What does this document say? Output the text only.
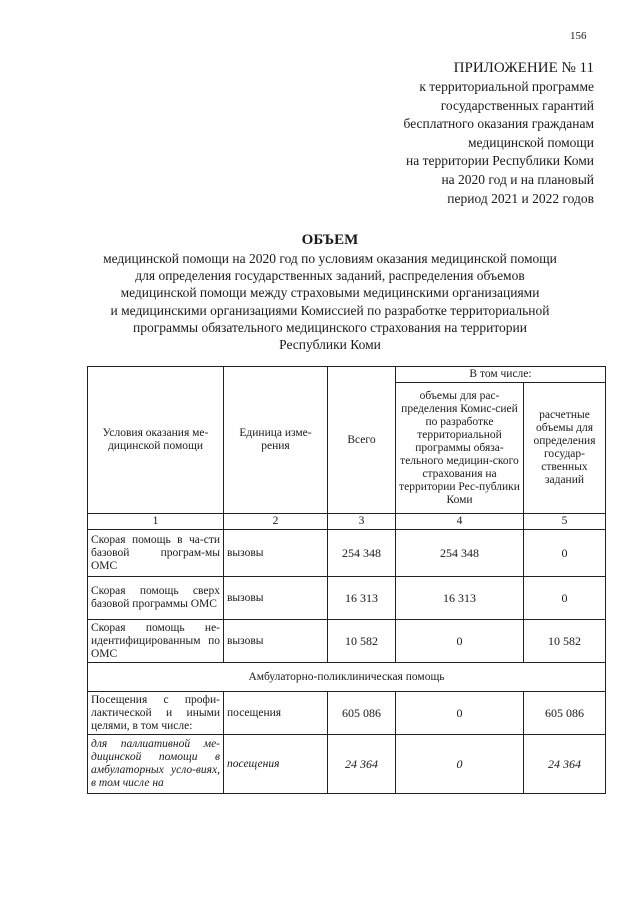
156
ПРИЛОЖЕНИЕ № 11
к территориальной программе
государственных гарантий
бесплатного оказания гражданам
медицинской помощи
на территории Республики Коми
на 2020 год и на плановый
период 2021 и 2022 годов
ОБЪЕМ
медицинской помощи на 2020 год по условиям оказания медицинской помощи
для определения государственных заданий, распределения объемов
медицинской помощи между страховыми медицинскими организациями
и медицинскими организациями Комиссией по разработке территориальной
программы обязательного медицинского страхования на территории
Республики Коми
Условия оказания ме-дицинской помощи	Единица изме-рения	Всего	В том числе:	
			объемы для рас-пределения Комис-сией по разработке территориальной программы обяза-тельного медицин-ского страхования на территории Рес-публики Коми	расчетные объемы для определения государ-ственных заданий
1	2	3	4	5
Скорая помощь в ча-сти базовой програм-мы ОМС	вызовы	254 348	254 348	0
Скорая помощь сверх базовой программы ОМС	вызовы	16 313	16 313	0
Скорая помощь не-идентифицированным по ОМС	вызовы	10 582	0	10 582
Амбулаторно-поликлиническая помощь				
Посещения с профи-лактической и иными целями, в том числе:	посещения	605 086	0	605 086
для паллиативной ме-дицинской помощи в амбулаторных усло-виях, в том числе на	посещения	24 364	0	24 364
